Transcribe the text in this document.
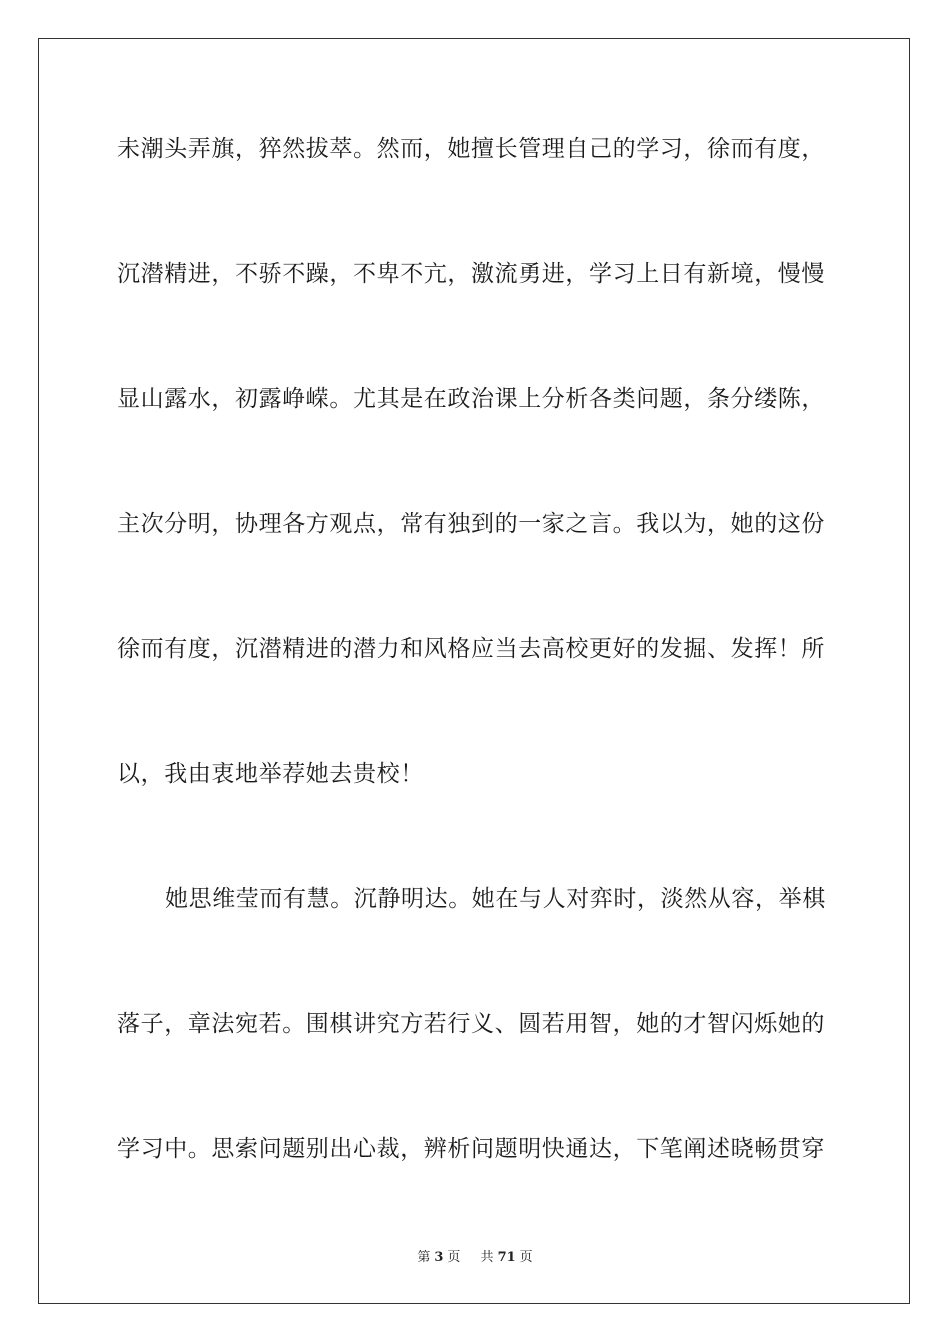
未潮头弄旗，猝然拔萃。然而，她擅长管理自己的学习，徐而有度，
沉潜精进，不骄不躁，不卑不亢，激流勇进，学习上日有新境，慢慢
显山露水，初露峥嵘。尤其是在政治课上分析各类问题，条分缕陈，
主次分明，协理各方观点，常有独到的一家之言。我以为，她的这份
徐而有度，沉潜精进的潜力和风格应当去高校更好的发掘、发挥！所
以，我由衷地举荐她去贵校！
她思维莹而有慧。沉静明达。她在与人对弈时，淡然从容，举棋
落子，章法宛若。围棋讲究方若行义、圆若用智，她的才智闪烁她的
学习中。思索问题别出心裁，辨析问题明快通达，下笔阐述晓畅贯穿
第 3 页 共 71 页
